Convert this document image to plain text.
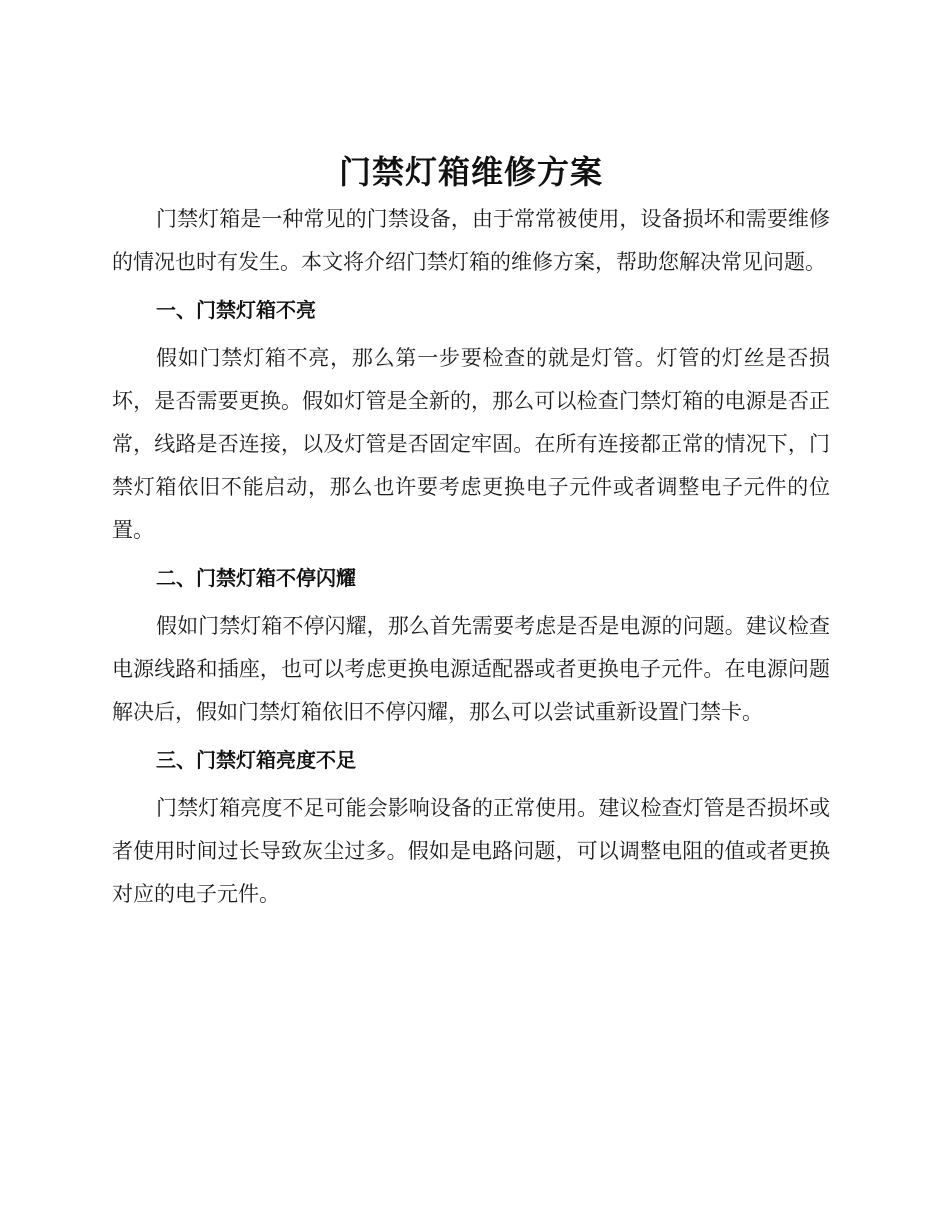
门禁灯箱维修方案

门禁灯箱是一种常见的门禁设备，由于常常被使用，设备损坏和需要维修的情况也时有发生。本文将介绍门禁灯箱的维修方案，帮助您解决常见问题。

一、门禁灯箱不亮

假如门禁灯箱不亮，那么第一步要检查的就是灯管。灯管的灯丝是否损坏，是否需要更换。假如灯管是全新的，那么可以检查门禁灯箱的电源是否正常，线路是否连接，以及灯管是否固定牢固。在所有连接都正常的情况下，门禁灯箱依旧不能启动，那么也许要考虑更换电子元件或者调整电子元件的位置。

二、门禁灯箱不停闪耀

假如门禁灯箱不停闪耀，那么首先需要考虑是否是电源的问题。建议检查电源线路和插座，也可以考虑更换电源适配器或者更换电子元件。在电源问题解决后，假如门禁灯箱依旧不停闪耀，那么可以尝试重新设置门禁卡。

三、门禁灯箱亮度不足

门禁灯箱亮度不足可能会影响设备的正常使用。建议检查灯管是否损坏或者使用时间过长导致灰尘过多。假如是电路问题，可以调整电阻的值或者更换对应的电子元件。
